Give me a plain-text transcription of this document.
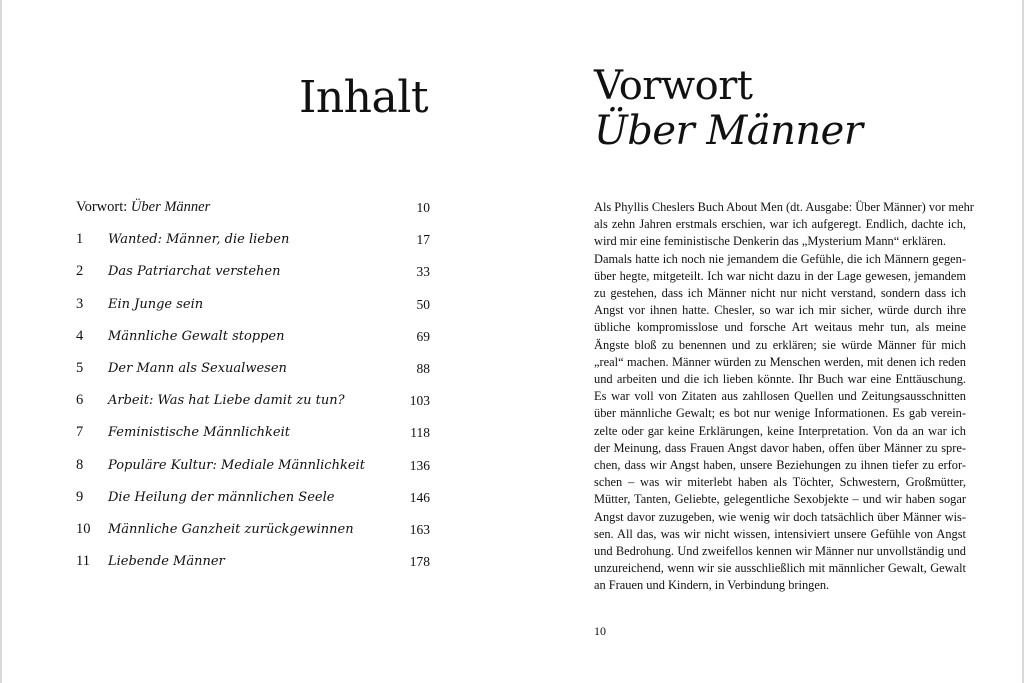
Inhalt
Vorwort: Über Männer	10
1 Wanted: Männer, die lieben	17
2 Das Patriarchat verstehen	33
3 Ein Junge sein	50
4 Männliche Gewalt stoppen	69
5 Der Mann als Sexualwesen	88
6 Arbeit: Was hat Liebe damit zu tun?	103
7 Feministische Männlichkeit	118
8 Populäre Kultur: Mediale Männlichkeit	136
9 Die Heilung der männlichen Seele	146
10 Männliche Ganzheit zurückgewinnen	163
11 Liebende Männer	178
Vorwort
Über Männer
Als Phyllis Cheslers Buch About Men (dt. Ausgabe: Über Männer) vor mehr
als zehn Jahren erstmals erschien, war ich aufgeregt. Endlich, dachte ich,
wird mir eine feministische Denkerin das „Mysterium Mann“ erklären.
Damals hatte ich noch nie jemandem die Gefühle, die ich Männern gegen-
über hegte, mitgeteilt. Ich war nicht dazu in der Lage gewesen, jemandem
zu gestehen, dass ich Männer nicht nur nicht verstand, sondern dass ich
Angst vor ihnen hatte. Chesler, so war ich mir sicher, würde durch ihre
übliche kompromisslose und forsche Art weitaus mehr tun, als meine
Ängste bloß zu benennen und zu erklären; sie würde Männer für mich
„real“ machen. Männer würden zu Menschen werden, mit denen ich reden
und arbeiten und die ich lieben könnte. Ihr Buch war eine Enttäuschung.
Es war voll von Zitaten aus zahllosen Quellen und Zeitungsausschnitten
über männliche Gewalt; es bot nur wenige Informationen. Es gab verein-
zelte oder gar keine Erklärungen, keine Interpretation. Von da an war ich
der Meinung, dass Frauen Angst davor haben, offen über Männer zu spre-
chen, dass wir Angst haben, unsere Beziehungen zu ihnen tiefer zu erfor-
schen – was wir miterlebt haben als Töchter, Schwestern, Großmütter,
Mütter, Tanten, Geliebte, gelegentliche Sexobjekte – und wir haben sogar
Angst davor zuzugeben, wie wenig wir doch tatsächlich über Männer wis-
sen. All das, was wir nicht wissen, intensiviert unsere Gefühle von Angst
und Bedrohung. Und zweifellos kennen wir Männer nur unvollständig und
unzureichend, wenn wir sie ausschließlich mit männlicher Gewalt, Gewalt
an Frauen und Kindern, in Verbindung bringen.
10
